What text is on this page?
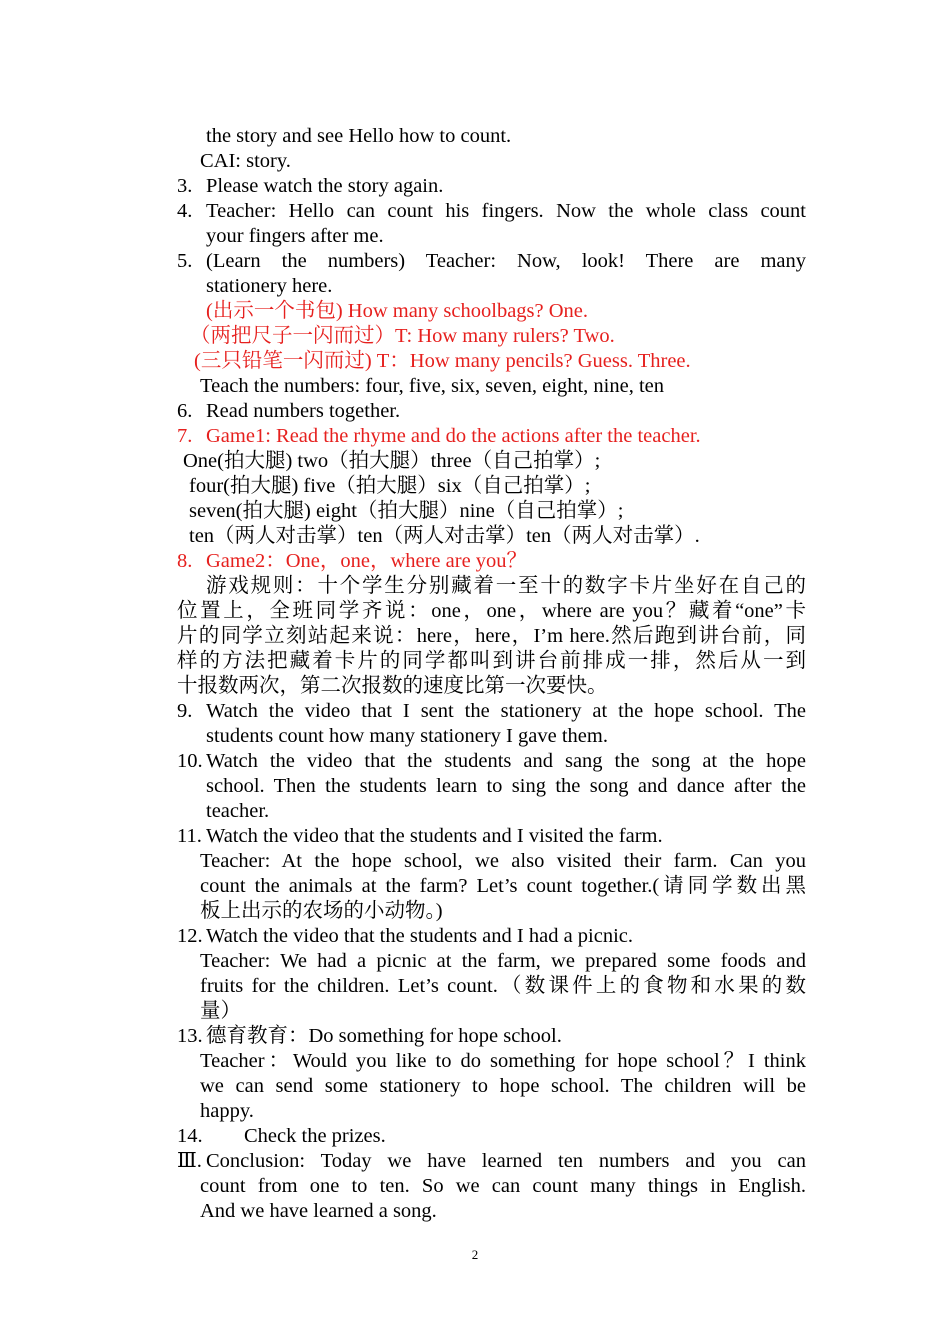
the story and see Hello how to count.
CAI: story.
3. Please watch the story again.
4. Teacher: Hello can count his fingers. Now the whole class count
your fingers after me.
5. (Learn the numbers) Teacher: Now, look! There are many
stationery here.
(出示一个书包) How many schoolbags? One.
（两把尺子一闪而过）T: How many rulers? Two.
(三只铅笔一闪而过) T：How many pencils? Guess. Three.
Teach the numbers: four, five, six, seven, eight, nine, ten
6. Read numbers together.
7. Game1: Read the rhyme and do the actions after the teacher.
One(拍大腿) two（拍大腿）three（自己拍掌）;
four(拍大腿) five（拍大腿）six（自己拍掌）;
seven(拍大腿) eight（拍大腿）nine（自己拍掌）;
ten（两人对击掌）ten（两人对击掌）ten（两人对击掌）.
8. Game2：One，one，where are you？
游戏规则：十个学生分别藏着一至十的数字卡片坐好在自己的
位置上，全班同学齐说：one，one，where are you？藏着“one”卡
片的同学立刻站起来说：here，here，I’m here.然后跑到讲台前，同
样的方法把藏着卡片的同学都叫到讲台前排成一排，然后从一到
十报数两次，第二次报数的速度比第一次要快。
9. Watch the video that I sent the stationery at the hope school. The
students count how many stationery I gave them.
10. Watch the video that the students and sang the song at the hope
school. Then the students learn to sing the song and dance after the
teacher.
11. Watch the video that the students and I visited the farm.
Teacher: At the hope school, we also visited their farm. Can you
count the animals at the farm? Let’s count together.(请同学数出黑
板上出示的农场的小动物。)
12. Watch the video that the students and I had a picnic.
Teacher: We had a picnic at the farm, we prepared some foods and
fruits for the children. Let’s count.（数课件上的食物和水果的数
量）
13. 德育教育：Do something for hope school.
Teacher：Would you like to do something for hope school？I think
we can send some stationery to hope school. The children will be
happy.
14. Check the prizes.
Ⅲ. Conclusion: Today we have learned ten numbers and you can
count from one to ten. So we can count many things in English.
And we have learned a song.
2
